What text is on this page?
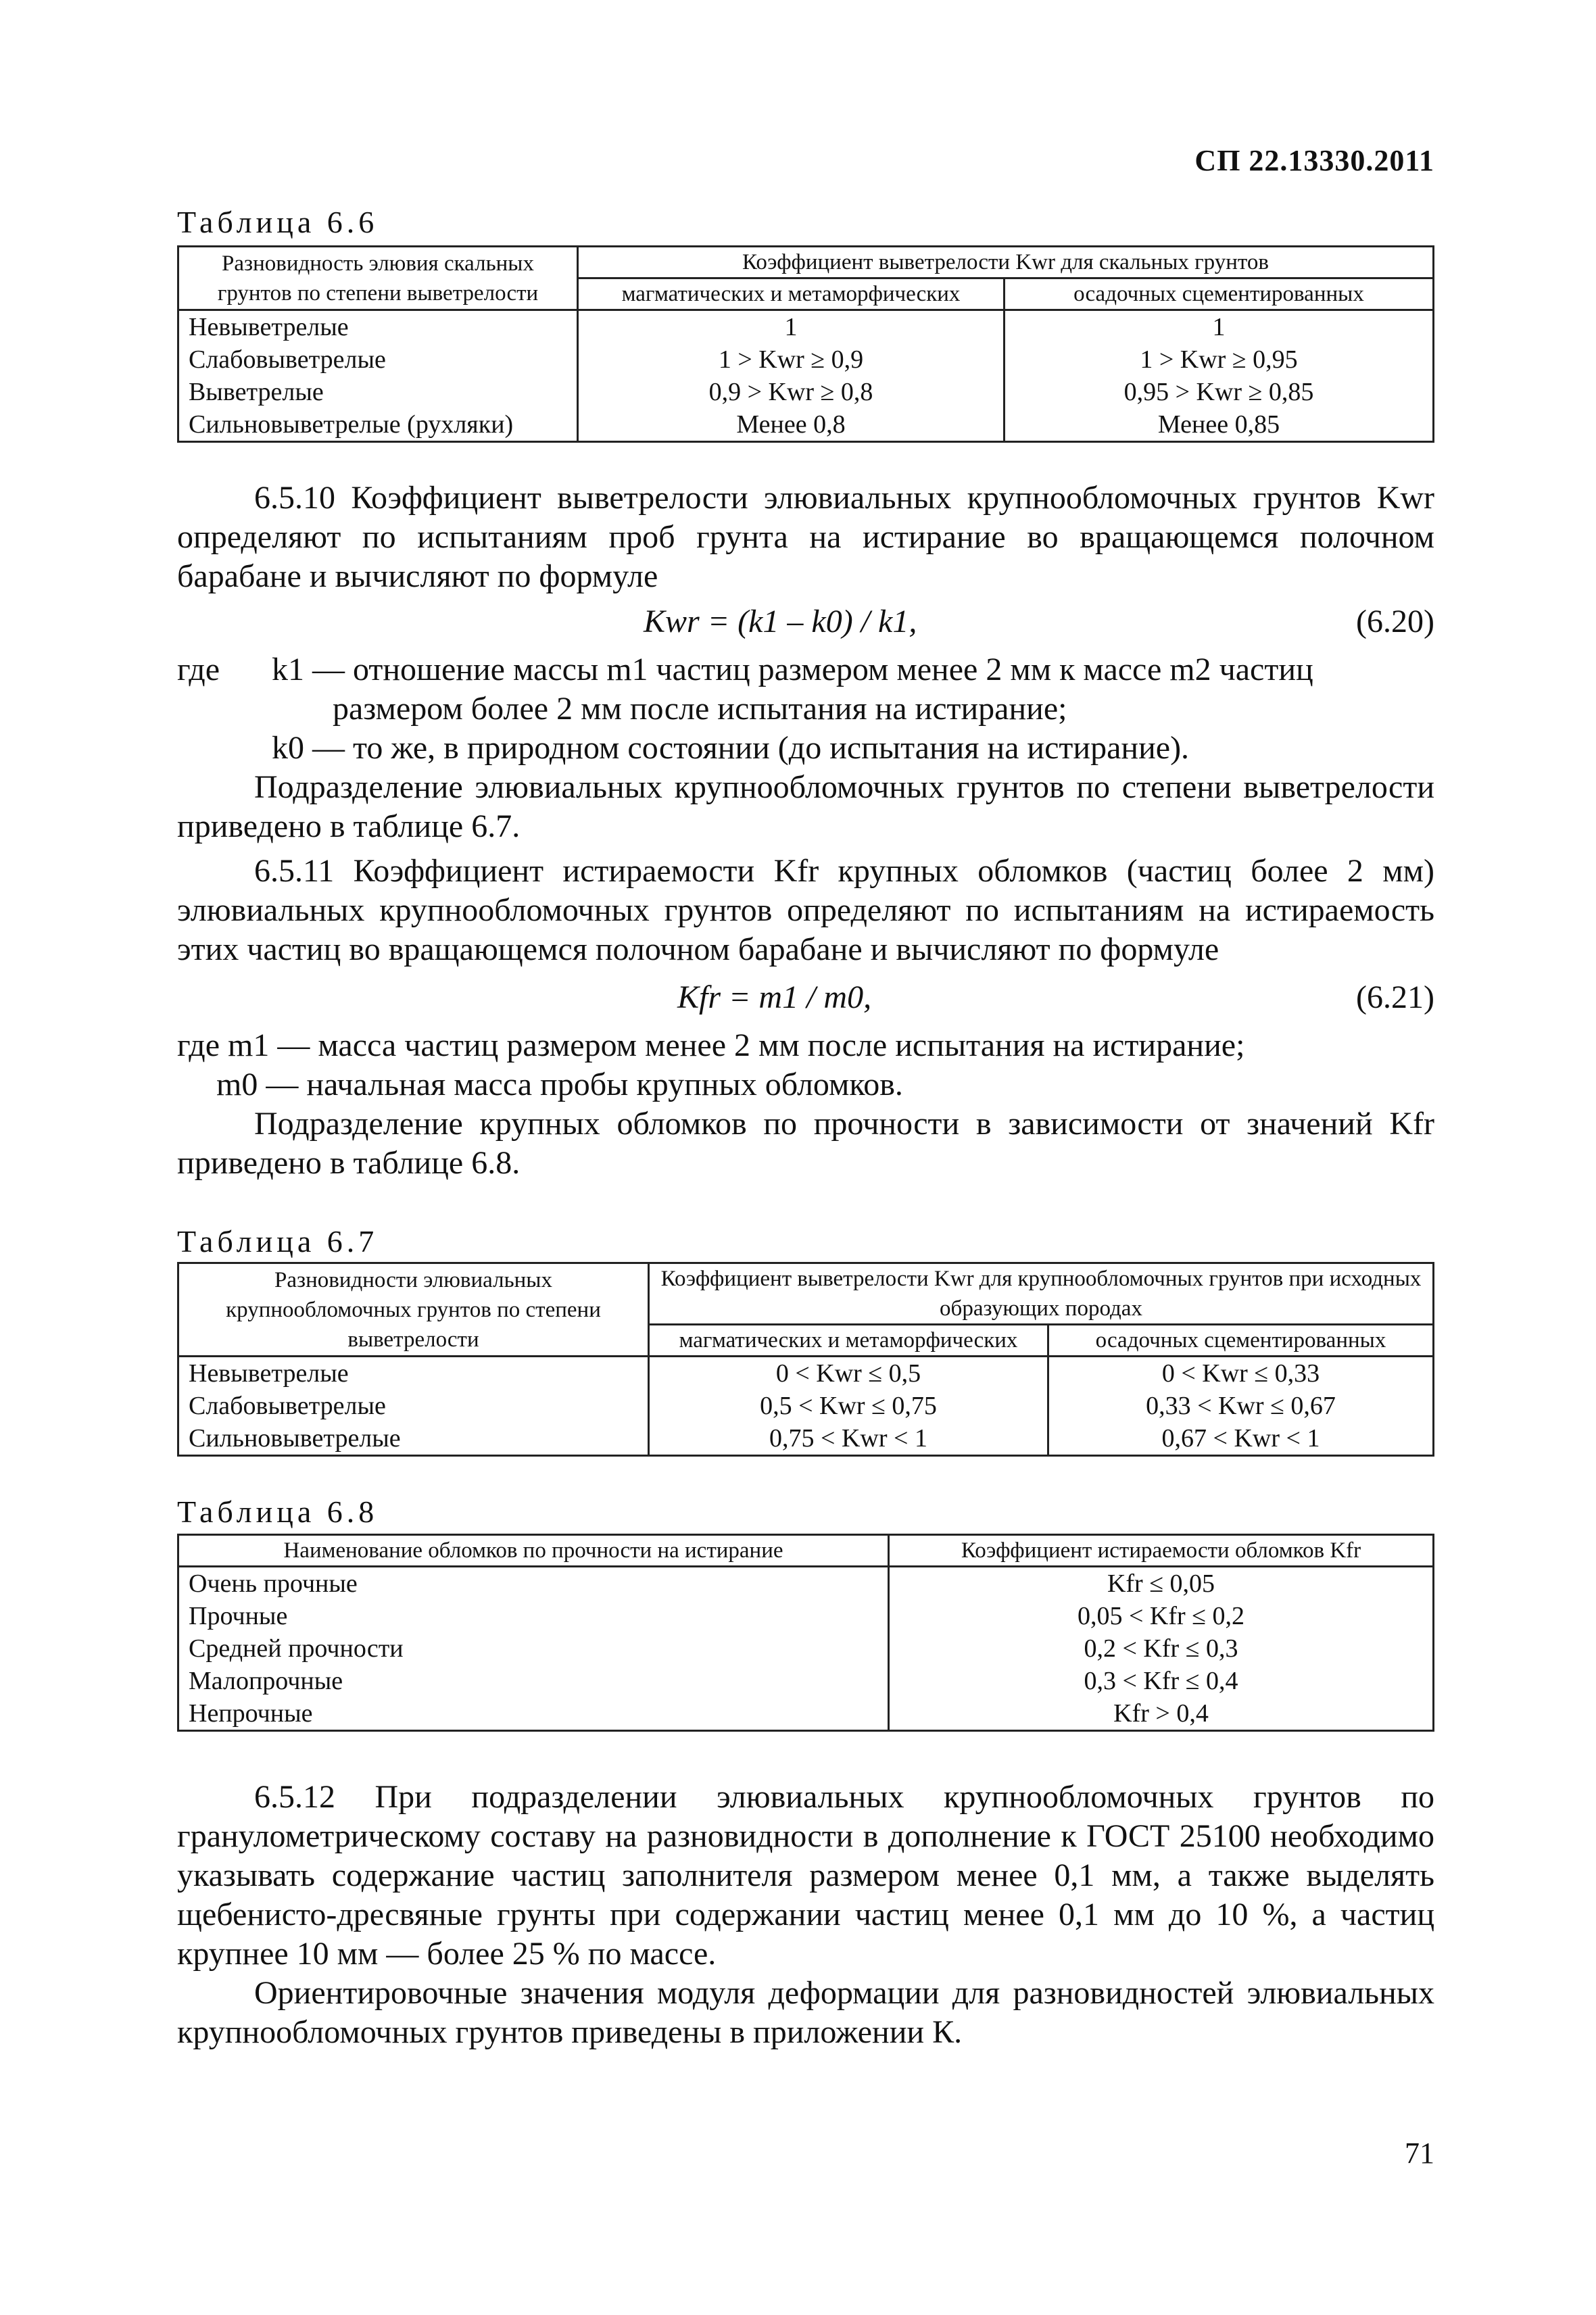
СП 22.13330.2011
Таблица 6.6
Разновидность элювия скальных грунтов по степени выветрелости	Коэффициент выветрелости Kwr для скальных грунтов	
	магматических и метаморфических	осадочных сцементированных
Невыветрелые	1	1
Слабовыветрелые	1 > Kwr ≥ 0,9	1 > Kwr ≥ 0,95
Выветрелые	0,9 > Kwr ≥ 0,8	0,95 > Kwr ≥ 0,85
Сильновыветрелые (рухляки)	Менее 0,8	Менее 0,85

6.5.10 Коэффициент выветрелости элювиальных крупнообломочных грунтов Kwr определяют по испытаниям проб грунта на истирание во вращающемся полочном барабане и вычисляют по формуле

Kwr = (k1 – k0) / k1,	(6.20)
где	k1 — отношение массы m1 частиц размером менее 2 мм к массе m2 частиц размером более 2 мм после испытания на истирание;
k0 — то же, в природном состоянии (до испытания на истирание).

Подразделение элювиальных крупнообломочных грунтов по степени выветрелости приведено в таблице 6.7.

6.5.11 Коэффициент истираемости Kfr крупных обломков (частиц более 2 мм) элювиальных крупнообломочных грунтов определяют по испытаниям на истираемость этих частиц во вращающемся полочном барабане и вычисляют по формуле

Kfr = m1 / m0,	(6.21)
где m1 — масса частиц размером менее 2 мм после испытания на истирание;
m0 — начальная масса пробы крупных обломков.

Подразделение крупных обломков по прочности в зависимости от значений Kfr приведено в таблице 6.8.

Таблица 6.7
Разновидности элювиальных крупнообломочных грунтов по степени выветрелости	Коэффициент выветрелости Kwr для крупнообломочных грунтов при исходных образующих породах	
	магматических и метаморфических	осадочных сцементированных
Невыветрелые	0 < Kwr ≤ 0,5	0 < Kwr ≤ 0,33
Слабовыветрелые	0,5 < Kwr ≤ 0,75	0,33 < Kwr ≤ 0,67
Сильновыветрелые	0,75 < Kwr < 1	0,67 < Kwr < 1
Таблица 6.8
Наименование обломков по прочности на истирание	Коэффициент истираемости обломков Kfr
Очень прочные	Kfr ≤ 0,05
Прочные	0,05 < Kfr ≤ 0,2
Средней прочности	0,2 < Kfr ≤ 0,3
Малопрочные	0,3 < Kfr ≤ 0,4
Непрочные	Kfr > 0,4

6.5.12 При подразделении элювиальных крупнообломочных грунтов по гранулометрическому составу на разновидности в дополнение к ГОСТ 25100 необходимо указывать содержание частиц заполнителя размером менее 0,1 мм, а также выделять щебенисто-дресвяные грунты при содержании частиц менее 0,1 мм до 10 %, а частиц крупнее 10 мм — более 25 % по массе.

Ориентировочные значения модуля деформации для разновидностей элювиальных крупнообломочных грунтов приведены в приложении К.

71
